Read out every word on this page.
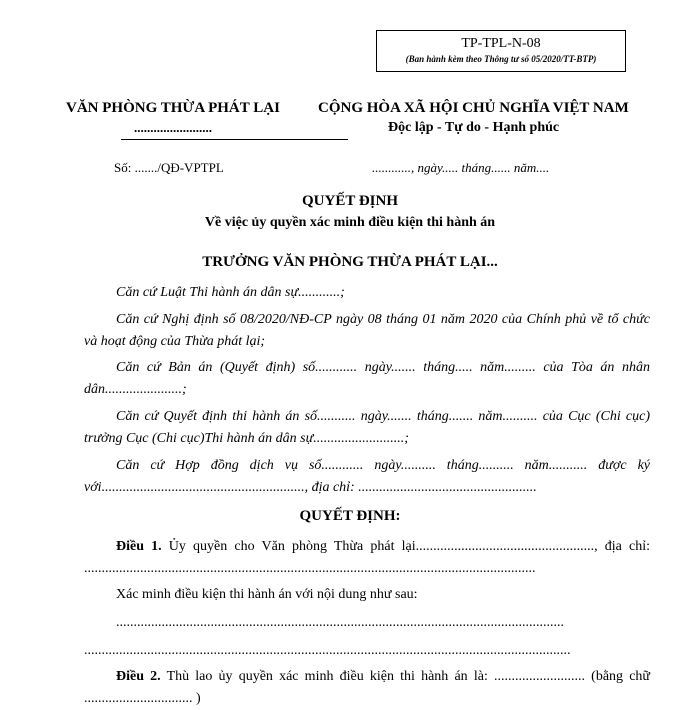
TP-TPL-N-08
(Ban hành kèm theo Thông tư số 05/2020/TT-BTP)
VĂN PHÒNG THỪA PHÁT LẠI
........................
CỘNG HÒA XÃ HỘI CHỦ NGHĨA VIỆT NAM
Độc lập - Tự do - Hạnh phúc
Số: ......./QĐ-VPTPL	............, ngày..... tháng...... năm....
QUYẾT ĐỊNH
Về việc ủy quyền xác minh điều kiện thi hành án
TRƯỞNG VĂN PHÒNG THỪA PHÁT LẠI...
Căn cứ Luật Thi hành án dân sự............;
Căn cứ Nghị định số 08/2020/NĐ-CP ngày 08 tháng 01 năm 2020 của Chính phủ về tổ chức và hoạt động của Thừa phát lại;
Căn cứ Bản án (Quyết định) số............ ngày....... tháng..... năm......... của Tòa án nhân dân......................;
Căn cứ Quyết định thi hành án số........... ngày....... tháng....... năm.......... của Cục (Chi cục) trưởng Cục (Chi cục)Thi hành án dân sự..........................;
Căn cứ Hợp đồng dịch vụ số............ ngày.......... tháng.......... năm........... được ký với.........................................................., địa chỉ: ...................................................
QUYẾT ĐỊNH:
Điều 1. Ủy quyền cho Văn phòng Thừa phát lại..................................................., địa chỉ: .................................................................................................................................
Xác minh điều kiện thi hành án với nội dung như sau:
................................................................................................................................
...........................................................................................................................................
Điều 2. Thù lao ủy quyền xác minh điều kiện thi hành án là: .......................... (bằng chữ ............................... )
